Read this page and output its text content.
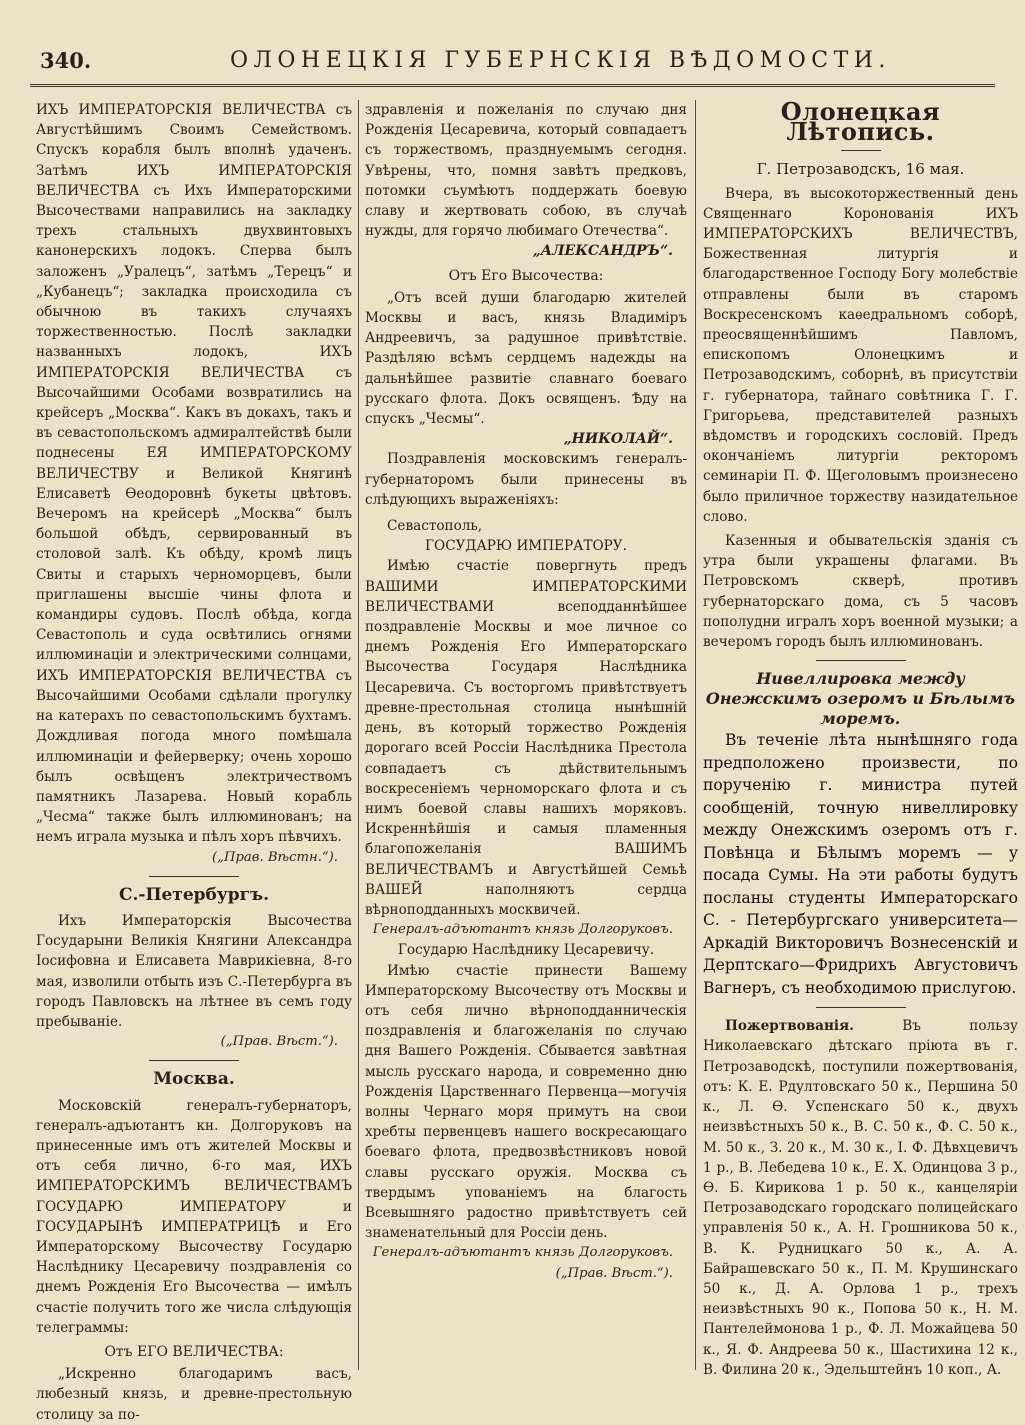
340.	ОЛОНЕЦКІЯ ГУБЕРНСКІЯ ВѢДОМОСТИ.

ИХЪ ИМПЕРАТОРСКІЯ ВЕЛИЧЕСТВА съ Августѣйшимъ Своимъ Семействомъ. Спускъ корабля былъ вполнѣ удаченъ. Затѣмъ ИХЪ ИМПЕРАТОРСКІЯ ВЕЛИЧЕСТВА съ Ихъ Императорскими Высочествами направились на закладку трехъ стальныхъ двухвинтовыхъ канонерскихъ лодокъ. Сперва былъ заложенъ „Уралецъ“, затѣмъ „Терецъ“ и „Кубанецъ“; закладка происходила съ обычною въ такихъ случаяхъ торжественностью. Послѣ закладки названныхъ лодокъ, ИХЪ ИМПЕРАТОРСКІЯ ВЕЛИЧЕСТВА съ Высочайшими Особами возвратились на крейсеръ „Москва“. Какъ въ докахъ, такъ и въ севастопольскомъ адмиралтействѣ были поднесены ЕЯ ИМПЕРАТОРСКОМУ ВЕЛИЧЕСТВУ и Великой Княгинѣ Елисаветѣ Ѳеодоровнѣ букеты цвѣтовъ. Вечеромъ на крейсерѣ „Москва“ былъ большой обѣдъ, сервированный въ столовой залѣ. Къ обѣду, кромѣ лицъ Свиты и старыхъ черноморцевъ, были приглашены высшіе чины флота и командиры судовъ. Послѣ обѣда, когда Севастополь и суда освѣтились огнями иллюминаціи и электрическими солнцами, ИХЪ ИМПЕРАТОРСКІЯ ВЕЛИЧЕСТВА съ Высочайшими Особами сдѣлали прогулку на катерахъ по севастопольскимъ бухтамъ. Дождливая погода много помѣшала иллюминаціи и фейерверку; очень хорошо былъ освѣщенъ электричествомъ памятникъ Лазарева. Новый корабль „Чесма“ также былъ иллюминованъ; на немъ играла музыка и пѣлъ хоръ пѣвчихъ.

(„Прав. Вѣстн.“).

С.-Петербургъ.

Ихъ Императорскія Высочества Государыни Великія Княгини Александра Іосифовна и Елисавета Маврикіевна, 8-го мая, изволили отбыть изъ С.-Петербурга въ городъ Павловскъ на лѣтнее въ семъ году пребываніе.

(„Прав. Вѣст.“).

Москва.

Московскій генералъ-губернаторъ, генералъ-адъютантъ кн. Долгоруковъ на принесенные имъ отъ жителей Москвы и отъ себя лично, 6-го мая, ИХЪ ИМПЕРАТОРСКИМЪ ВЕЛИЧЕСТВАМЪ ГОСУДАРЮ ИМПЕРАТОРУ и ГОСУДАРЫНѢ ИМПЕРАТРИЦѢ и Его Императорскому Высочеству Государю Наслѣднику Цесаревичу поздравленія со днемъ Рожденія Его Высочества — имѣлъ счастіе получить того же числа слѣдующія телеграммы:

Отъ ЕГО ВЕЛИЧЕСТВА:

„Искренно благодаримъ васъ, любезный князь, и древне-престольную столицу за по-

здравленія и пожеланія по случаю дня Рожденія Цесаревича, который совпадаетъ съ торжествомъ, празднуемымъ сегодня. Увѣрены, что, помня завѣтъ предковъ, потомки съумѣютъ поддержать боевую славу и жертвовать собою, въ случаѣ нужды, для горячо любимаго Отечества“.

„АЛЕКСАНДРЪ“.

Отъ Его Высочества:

„Отъ всей души благодарю жителей Москвы и васъ, князь Владиміръ Андреевичъ, за радушное привѣтствіе. Раздѣляю всѣмъ сердцемъ надежды на дальнѣйшее развитіе славнаго боеваго русскаго флота. Докъ освященъ. Ѣду на спускъ „Чесмы“.

„НИКОЛАЙ“.

Поздравленія московскимъ генералъ-губернаторомъ были принесены въ слѣдующихъ выраженіяхъ:

Севастополь,

ГОСУДАРЮ ИМПЕРАТОРУ.

Имѣю счастіе повергнуть предъ ВАШИМИ ИМПЕРАТОРСКИМИ ВЕЛИЧЕСТВАМИ всеподданнѣйшее поздравленіе Москвы и мое личное со днемъ Рожденія Его Императорскаго Высочества Государя Наслѣдника Цесаревича. Съ восторгомъ привѣтствуетъ древне-престольная столица нынѣшній день, въ который торжество Рожденія дорогаго всей Россіи Наслѣдника Престола совпадаетъ съ дѣйствительнымъ воскресеніемъ черноморскаго флота и съ нимъ боевой славы нашихъ моряковъ. Искреннѣйшія и самыя пламенныя благопожеланія ВАШИМЪ ВЕЛИЧЕСТВАМЪ и Августѣйшей Семьѣ ВАШЕЙ наполняютъ сердца вѣрноподданныхъ москвичей.

Генералъ-адъютантъ князь Долгоруковъ.

Государю Наслѣднику Цесаревичу.

Имѣю счастіе принести Вашему Императорскому Высочеству отъ Москвы и отъ себя лично вѣрноподданническія поздравленія и благожеланія по случаю дня Вашего Рожденія. Сбывается завѣтная мысль русскаго народа, и современно дню Рожденія Царственнаго Первенца—могучія волны Чернаго моря примутъ на свои хребты первенцевъ нашего воскресающаго боеваго флота, предвозвѣстниковъ новой славы русскаго оружія. Москва съ твердымъ упованіемъ на благость Всевышняго радостно привѣтствуетъ сей знаменательный для Россіи день.

Генералъ-адъютантъ князь Долгоруковъ.

(„Прав. Вѣст.“).

Олонецкая Лѣтопись.
Г. Петрозаводскъ, 16 мая.

Вчера, въ высокоторжественный день Священнаго Коронованія ИХЪ ИМПЕРАТОРСКИХЪ ВЕЛИЧЕСТВЪ, Божественная литургія и благодарственное Господу Богу молебствіе отправлены были въ старомъ Воскресенскомъ каѳедральномъ соборѣ, преосвященнѣйшимъ Павломъ, епископомъ Олонецкимъ и Петрозаводскимъ, соборнѣ, въ присутствіи г. губернатора, тайнаго совѣтника Г. Г. Григорьева, представителей разныхъ вѣдомствъ и городскихъ сословій. Предъ окончаніемъ литургіи ректоромъ семинаріи П. Ф. Щеголовымъ произнесено было приличное торжеству назидательное слово.

Казенныя и обывательскія зданія съ утра были украшены флагами. Въ Петровскомъ скверѣ, противъ губернаторскаго дома, съ 5 часовъ пополудни игралъ хоръ военной музыки; а вечеромъ городъ былъ иллюминованъ.

Нивеллировка между Онежскимъ озеромъ и Бѣлымъ моремъ.

Въ теченіе лѣта нынѣшняго года предположено произвести, по порученію г. министра путей сообщеній, точную нивеллировку между Онежскимъ озеромъ отъ г. Повѣнца и Бѣлымъ моремъ — у посада Сумы. На эти работы будутъ посланы студенты Императорскаго С. - Петербургскаго университета—Аркадій Викторовичъ Вознесенскій и Дерптскаго—Фридрихъ Августовичъ Вагнеръ, съ необходимою прислугою.

Пожертвованія.	Въ пользу Николаевскаго дѣтскаго пріюта въ г. Петрозаводскѣ, поступили пожертвованія, отъ: К. Е. Рдултовскаго 50 к., Першина 50 к., Л. Ѳ. Успенскаго 50 к., двухъ неизвѣстныхъ 50 к., В. С. 50 к., Ф. С. 50 к., М. 50 к., З. 20 к., М. 30 к., І. Ф. Дѣвхцевичъ 1 р., В. Лебедева 10 к., Е. Х. Одинцова 3 р., Ѳ. Б. Кирикова 1 р. 50 к., канцеляріи Петрозаводскаго городскаго полицейскаго управленія 50 к., А. Н. Грошникова 50 к., В. К. Рудницкаго 50 к., А. А. Байрашевскаго 50 к., П. М. Крушинскаго 50 к., Д. А. Орлова 1 р., трехъ неизвѣстныхъ 90 к., Попова 50 к., Н. М. Пантелеймонова 1 р., Ф. Л. Можайцева 50 к., Я. Ф. Андреева 50 к., Шастихина 12 к., В. Филина 20 к., Эдельштейнъ 10 коп., А.
